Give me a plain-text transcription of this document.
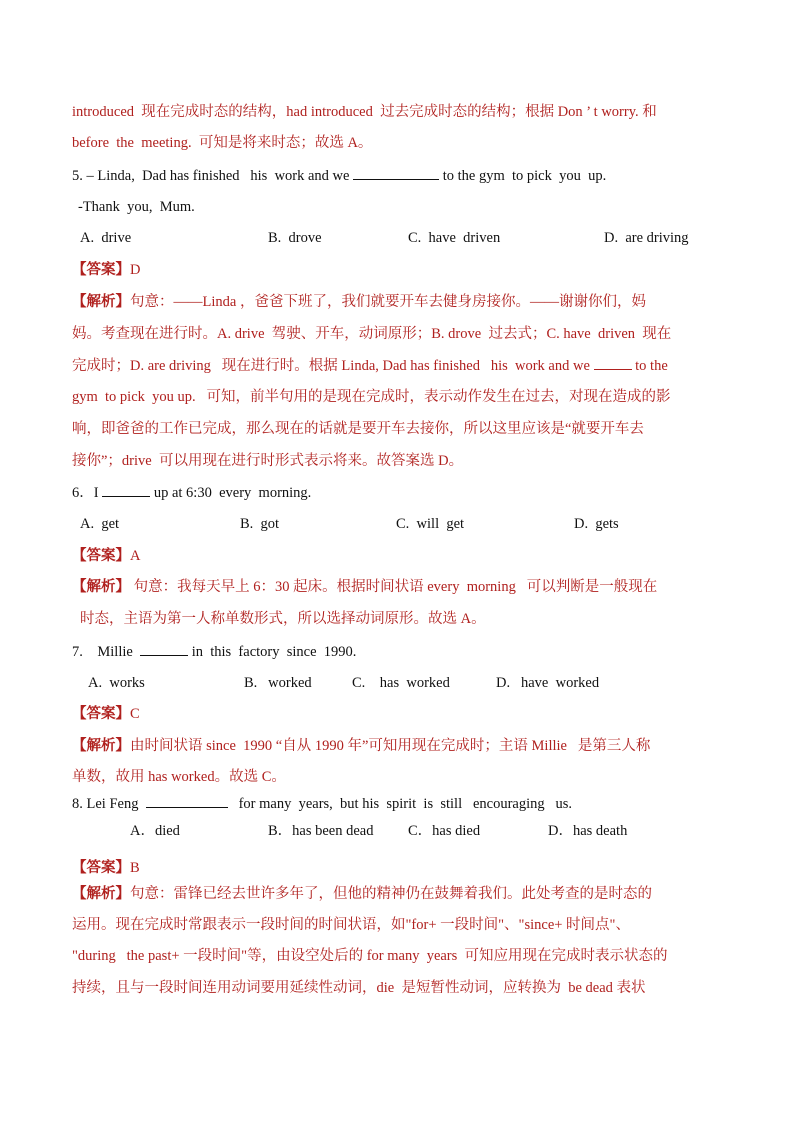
introduced  现在完成时态的结构，had introduced  过去完成时态的结构；根据 Don ’ t worry. 和
before  the  meeting.  可知是将来时态；故选 A。
5. – Linda,  Dad has finished   his  work and we	to the gym  to pick  you  up.
-Thank  you,  Mum.
A.  drive	B.  drove	C.  have  driven	D.  are driving
【答案】D
【解析】句意：——Linda ，爸爸下班了，我们就要开车去健身房接你。——谢谢你们，妈
妈。考查现在进行时。A. drive  驾驶、开车，动词原形；B. drove  过去式；C. have  driven  现在
完成时；D. are driving   现在进行时。根据 Linda, Dad has finished   his  work and we	to the
gym  to pick  you up.   可知，前半句用的是现在完成时，表示动作发生在过去，对现在造成的影
响，即爸爸的工作已完成，那么现在的话就是要开车去接你，所以这里应该是“就要开车去
接你”；drive  可以用现在进行时形式表示将来。故答案选 D。
6．I	up at 6:30  every  morning.
A.  get	B.  got	C.  will  get	D.  gets
【答案】A
【解析】 句意：我每天早上 6：30 起床。根据时间状语 every  morning   可以判断是一般现在
时态，主语为第一人称单数形式，所以选择动词原形。故选 A。
7.    Millie	in  this  factory  since  1990.
A.  works	B.   worked	C.    has  worked	D.   have  worked
【答案】C
【解析】由时间状语 since  1990 “自从 1990 年”可知用现在完成时；主语 Millie   是第三人称
单数，故用 has worked。故选 C。
8. Lei Feng	for many  years,  but his  spirit  is  still   encouraging   us.
A．died	B．has been dead C．has died	D．has death
【答案】B
【解析】句意：雷锋已经去世许多年了，但他的精神仍在鼓舞着我们。此处考查的是时态的
运用。现在完成时常跟表示一段时间的时间状语，如"for+ 一段时间"、"since+ 时间点"、
"during   the past+ 一段时间"等，由设空处后的 for many  years  可知应用现在完成时表示状态的
持续，且与一段时间连用动词要用延续性动词，die  是短暂性动词，应转换为  be dead 表状
